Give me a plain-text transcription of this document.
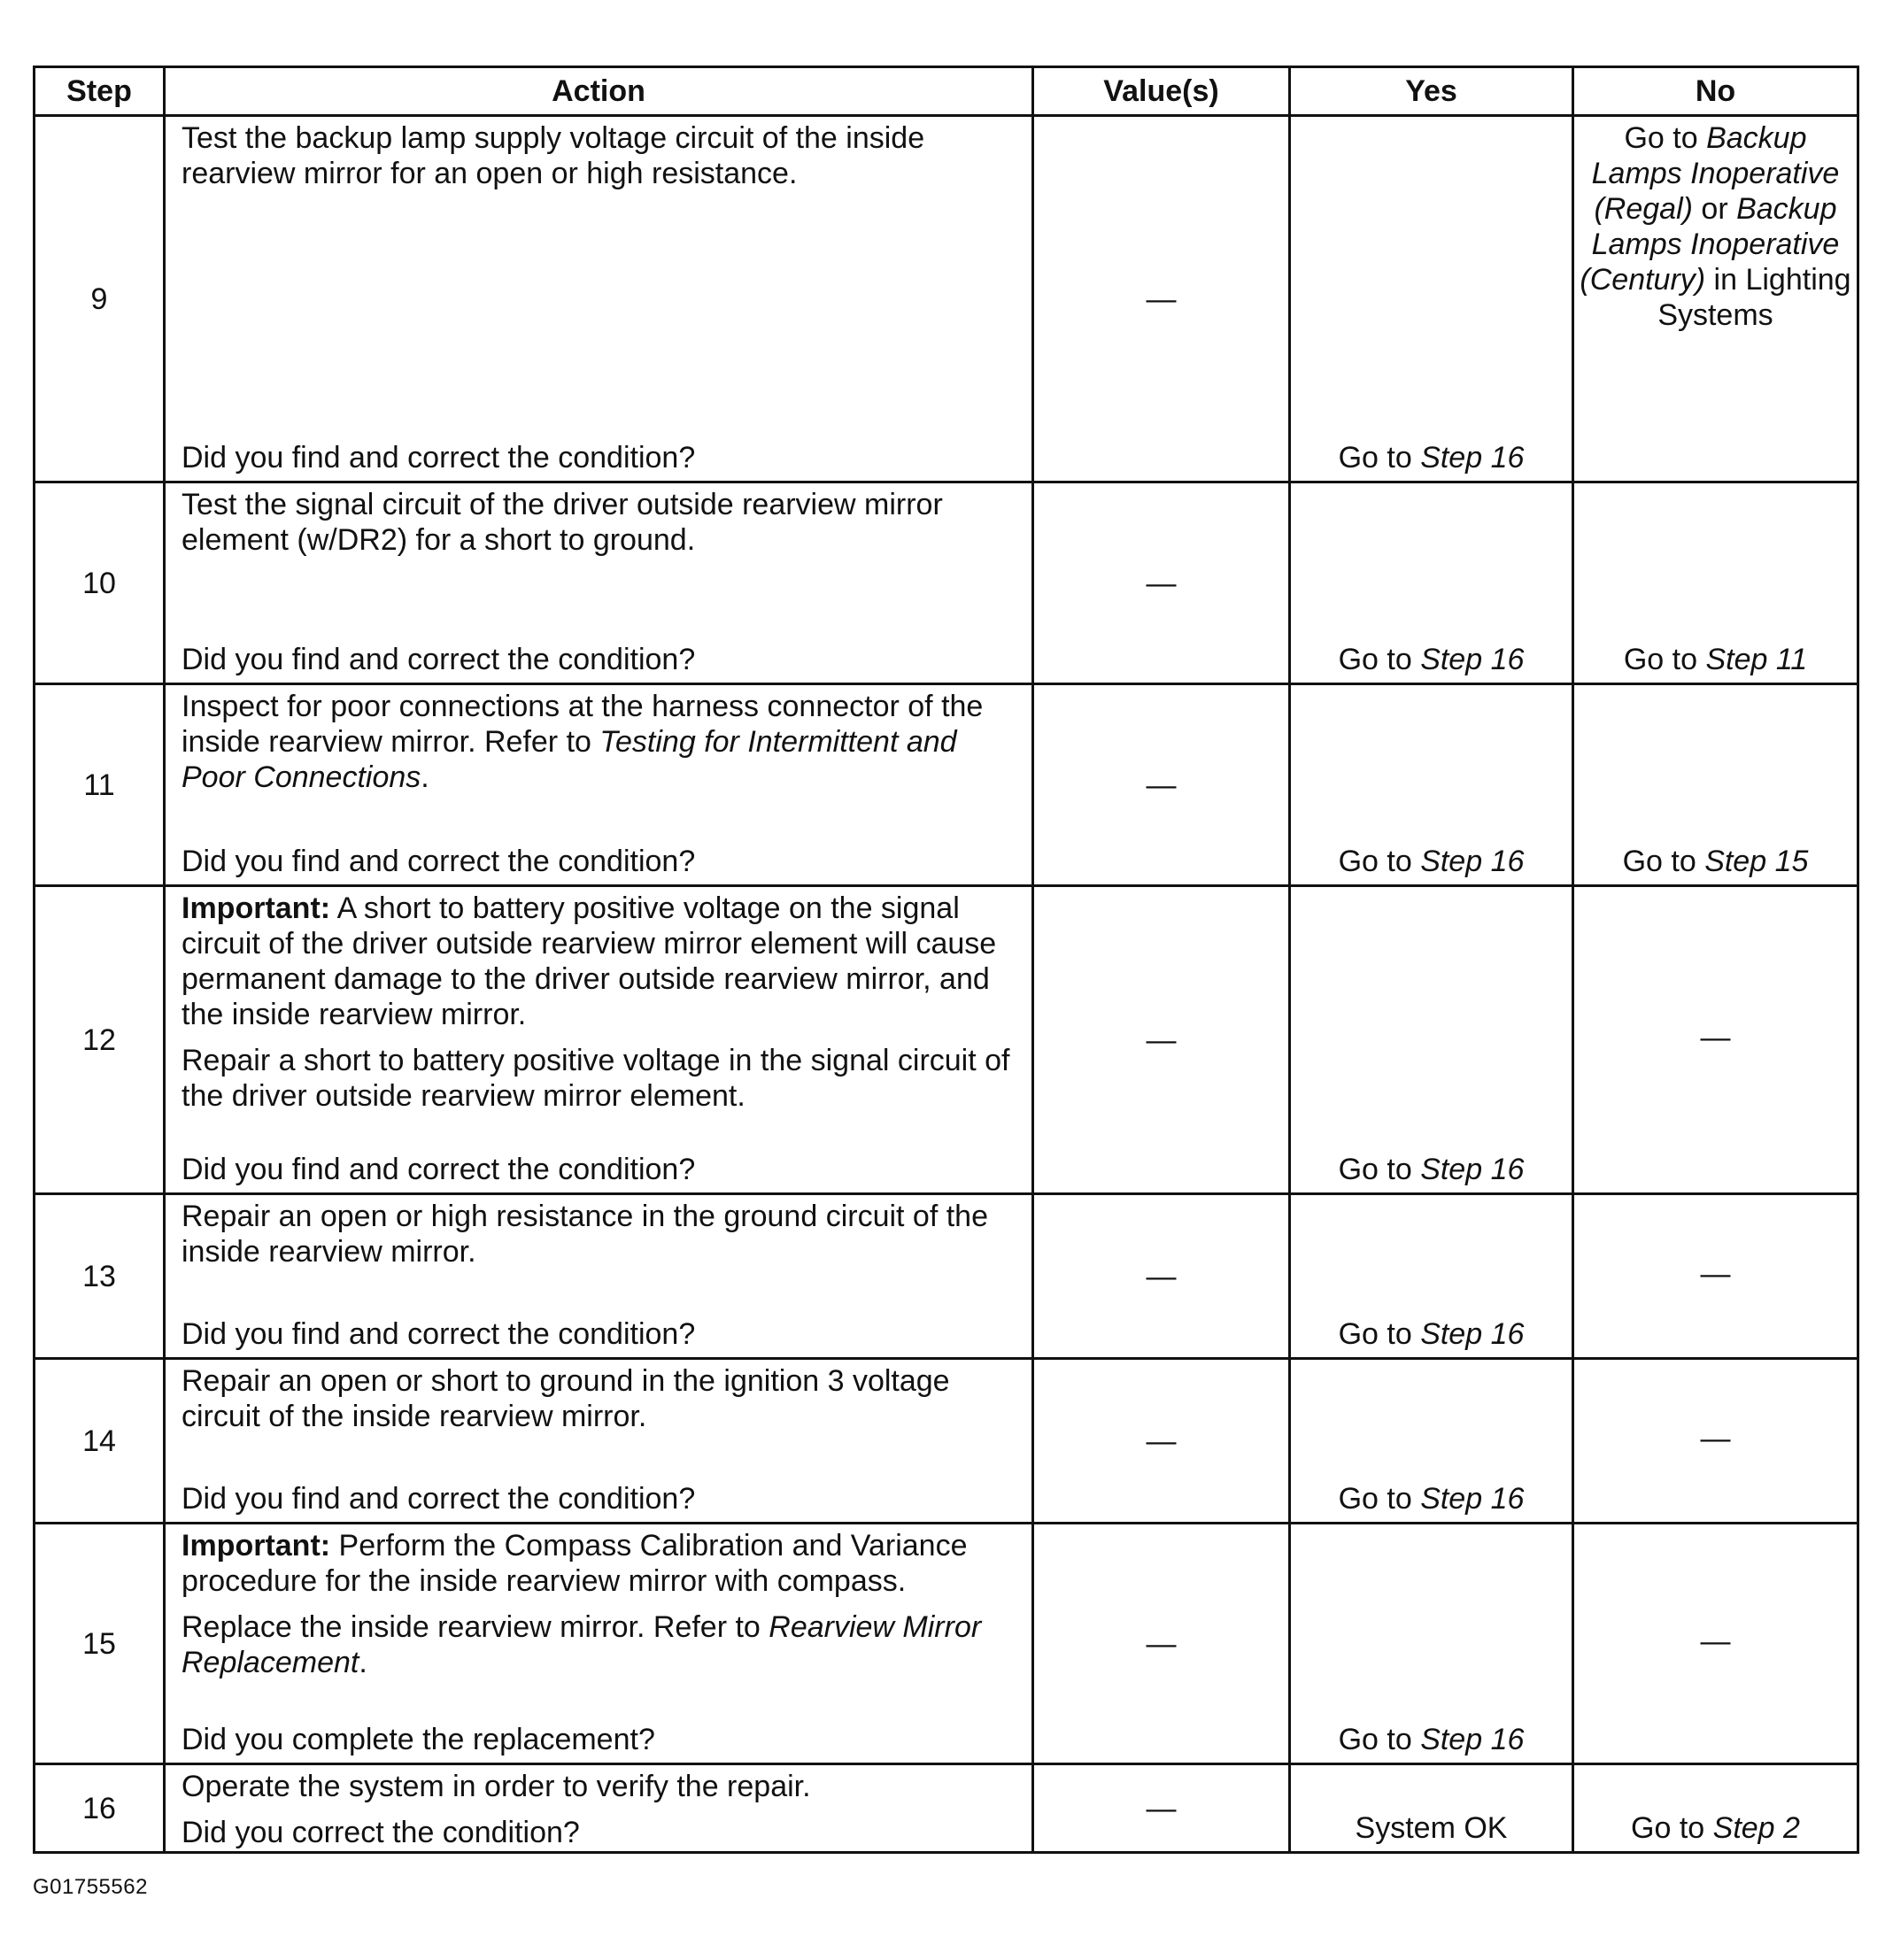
Step	Action	Value(s)	Yes	No
9	Test the backup lamp supply voltage circuit of the inside rearview mirror for an open or high resistance.

Did you find and correct the condition?	—	Go to Step 16	Go to Backup Lamps Inoperative (Regal) or Backup Lamps Inoperative (Century) in Lighting Systems

10	Test the signal circuit of the driver outside rearview mirror element (w/DR2) for a short to ground.

Did you find and correct the condition?	—	Go to Step 16	Go to Step 11

11	Inspect for poor connections at the harness connector of the inside rearview mirror. Refer to Testing for Intermittent and Poor Connections.

Did you find and correct the condition?	—	Go to Step 16	Go to Step 15

12	Important: A short to battery positive voltage on the signal circuit of the driver outside rearview mirror element will cause permanent damage to the driver outside rearview mirror, and the inside rearview mirror.

Repair a short to battery positive voltage in the signal circuit of the driver outside rearview mirror element.

Did you find and correct the condition?	—	Go to Step 16	—

13	Repair an open or high resistance in the ground circuit of the inside rearview mirror.

Did you find and correct the condition?	—	Go to Step 16	—

14	Repair an open or short to ground in the ignition 3 voltage circuit of the inside rearview mirror.

Did you find and correct the condition?	—	Go to Step 16	—

15	Important: Perform the Compass Calibration and Variance procedure for the inside rearview mirror with compass.

Replace the inside rearview mirror. Refer to Rearview Mirror Replacement.

Did you complete the replacement?	—	Go to Step 16	—

16	Operate the system in order to verify the repair.

Did you correct the condition?	—	System OK	Go to Step 2
G01755562
